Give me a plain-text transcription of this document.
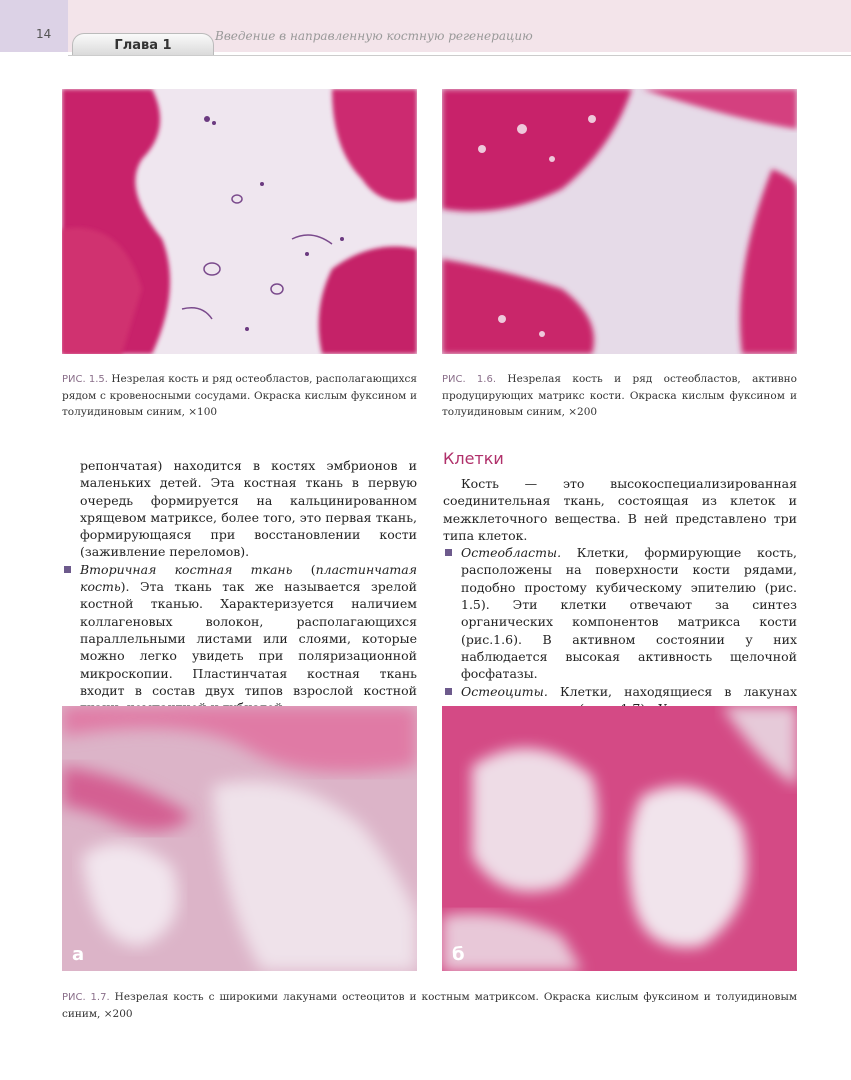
14
Глава 1
Введение в направленную костную регенерацию
РИС. 1.5. Незрелая кость и ряд остеобластов, располагающихся рядом с кровеносными сосудами. Окраска кислым фуксином и толуидиновым синим, ×100
РИС. 1.6. Незрелая кость и ряд остеобластов, активно продуцирующих матрикс кости. Окраска кислым фуксином и толуидиновым синим, ×200

репончатая) находится в костях эмбрионов и маленьких детей. Эта костная ткань в первую очередь формируется на кальцинированном хрящевом матриксе, более того, это первая ткань, формирующаяся при восстановлении кости (заживление переломов).

Вторичная костная ткань (пластинчатая кость). Эта ткань так же называется зрелой костной тканью. Характеризуется наличием коллагеновых волокон, располагающихся параллельными листами или слоями, которые можно легко увидеть при поляризационной микроскопии. Пластинчатая костная ткань входит в состав двух типов взрослой костной

Клетки

Кость — это высокоспециализированная соединительная ткань, состоящая из клеток и межклеточного вещества. В ней представлено три типа клеток.

Остеобласты. Клетки, формирующие кость, расположены на поверхности кости рядами, подобно простому кубическому эпителию (рис. 1.5). Эти клетки отвечают за синтез органических компонентов матрикса кости (рис.1.6). В активном состоянии у них наблюдается высокая активность щелочной фосфатазы.

Остеоциты. Клетки, находящиеся в лакунах

а	б
РИС. 1.7. Незрелая кость с широкими лакунами остеоцитов и костным матриксом. Окраска кислым фуксином и толуидиновым синим, ×200
